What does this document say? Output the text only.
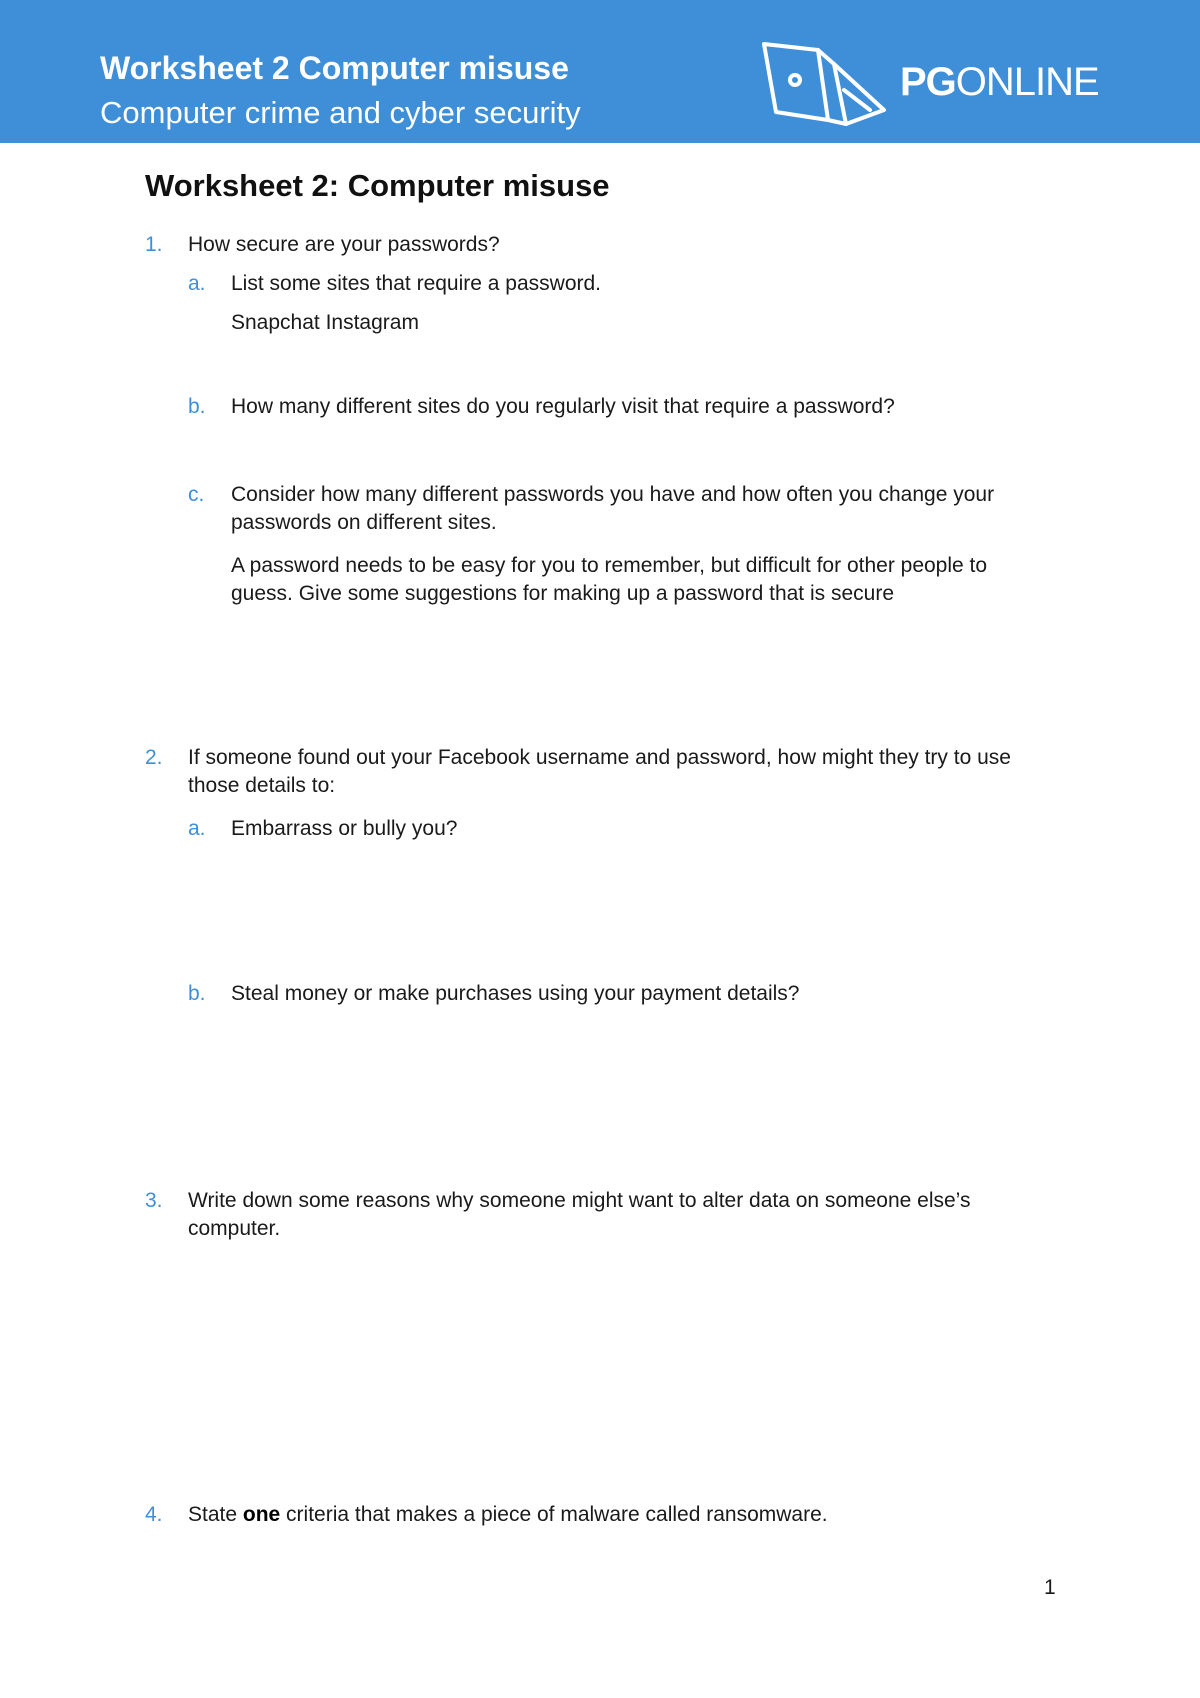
Worksheet 2 Computer misuse
Computer crime and cyber security
PGONLINE
Worksheet 2: Computer misuse
1. How secure are your passwords?
a. List some sites that require a password.
Snapchat Instagram
b. How many different sites do you regularly visit that require a password?
c. Consider how many different passwords you have and how often you change your passwords on different sites.
A password needs to be easy for you to remember, but difficult for other people to guess. Give some suggestions for making up a password that is secure
2. If someone found out your Facebook username and password, how might they try to use those details to:
a. Embarrass or bully you?
b. Steal money or make purchases using your payment details?
3. Write down some reasons why someone might want to alter data on someone else’s computer.
4. State one criteria that makes a piece of malware called ransomware.
1
